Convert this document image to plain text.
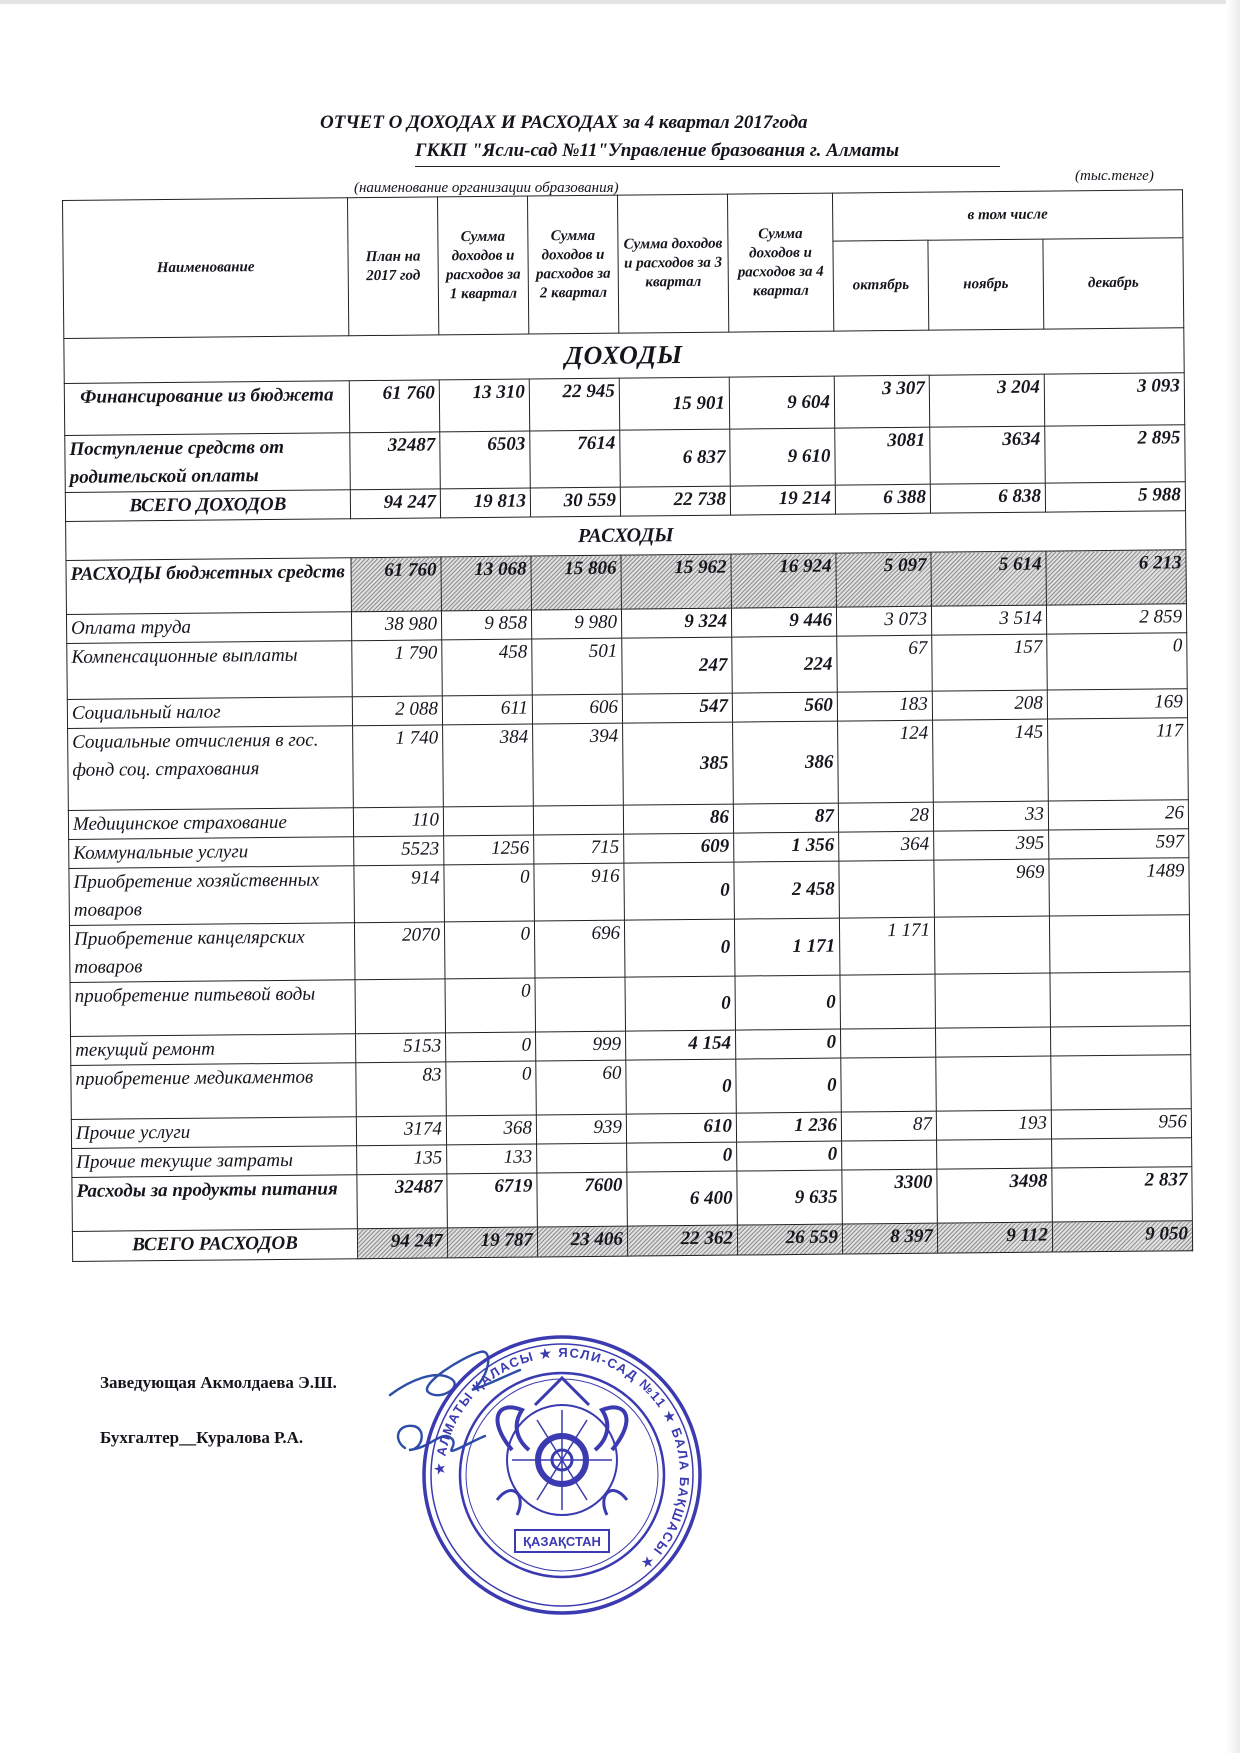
ОТЧЕТ О ДОХОДАХ И РАСХОДАХ за 4 квартал 2017года
ГККП "Ясли-сад №11"Управление бразования г. Алматы
(наименование организации образования)
(тыс.тенге)
Наименование	План на 2017 год	Сумма доходов и расходов за 1 квартал	Сумма доходов и расходов за 2 квартал	Сумма доходов и расходов за 3 квартал	Сумма доходов и расходов за 4 квартал	в том числе		
						октябрь	ноябрь	декабрь
ДОХОДЫ								
Финансирование из бюджета	61 760	13 310	22 945	15 901	9 604	3 307	3 204	3 093
Поступление средств от родительской оплаты	32487	6503	7614	6 837	9 610	3081	3634	2 895
ВСЕГО ДОХОДОВ	94 247	19 813	30 559	22 738	19 214	6 388	6 838	5 988
РАСХОДЫ								
РАСХОДЫ бюджетных средств	61 760	13 068	15 806	15 962	16 924	5 097	5 614	6 213
Оплата труда	38 980	9 858	9 980	9 324	9 446	3 073	3 514	2 859
Компенсационные выплаты	1 790	458	501	247	224	67	157	0
Социальный налог	2 088	611	606	547	560	183	208	169
Социальные отчисления в гос. фонд соц. страхования	1 740	384	394	385	386	124	145	117
Медицинское страхование	110			86	87	28	33	26
Коммунальные услуги	5523	1256	715	609	1 356	364	395	597
Приобретение хозяйственных товаров	914	0	916	0	2 458		969	1489
Приобретение канцелярских товаров	2070	0	696	0	1 171	1 171		
приобретение питьевой воды		0		0	0			
текущий ремонт	5153	0	999	4 154	0			
приобретение медикаментов	83	0	60	0	0			
Прочие услуги	3174	368	939	610	1 236	87	193	956
Прочие текущие затраты	135	133		0	0			
Расходы за продукты питания	32487	6719	7600	6 400	9 635	3300	3498	2 837
ВСЕГО РАСХОДОВ	94 247	19 787	23 406	22 362	26 559	8 397	9 112	9 050
Заведующая Акмолдаева Э.Ш.
Бухгалтер__Куралова Р.А.
ҚАЗАҚСТАН
★ АЛМАТЫ ҚАЛАСЫ ★ ЯСЛИ-САД №11 ★ БАЛА БАҚШАСЫ ★
